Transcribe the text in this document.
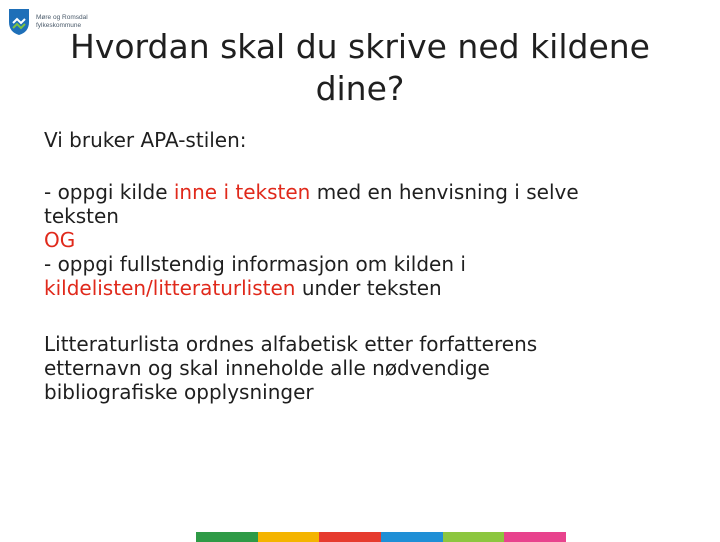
Møre og Romsdal
fylkeskommune
Hvordan skal du skrive ned kildene
dine?

Vi bruker APA-stilen:

- oppgi kilde inne i teksten med en henvisning i selve
teksten

OG

- oppgi fullstendig informasjon om kilden i
kildelisten/litteraturlisten under teksten

Litteraturlista ordnes alfabetisk etter forfatterens
etternavn og skal inneholde alle nødvendige
bibliografiske opplysninger
